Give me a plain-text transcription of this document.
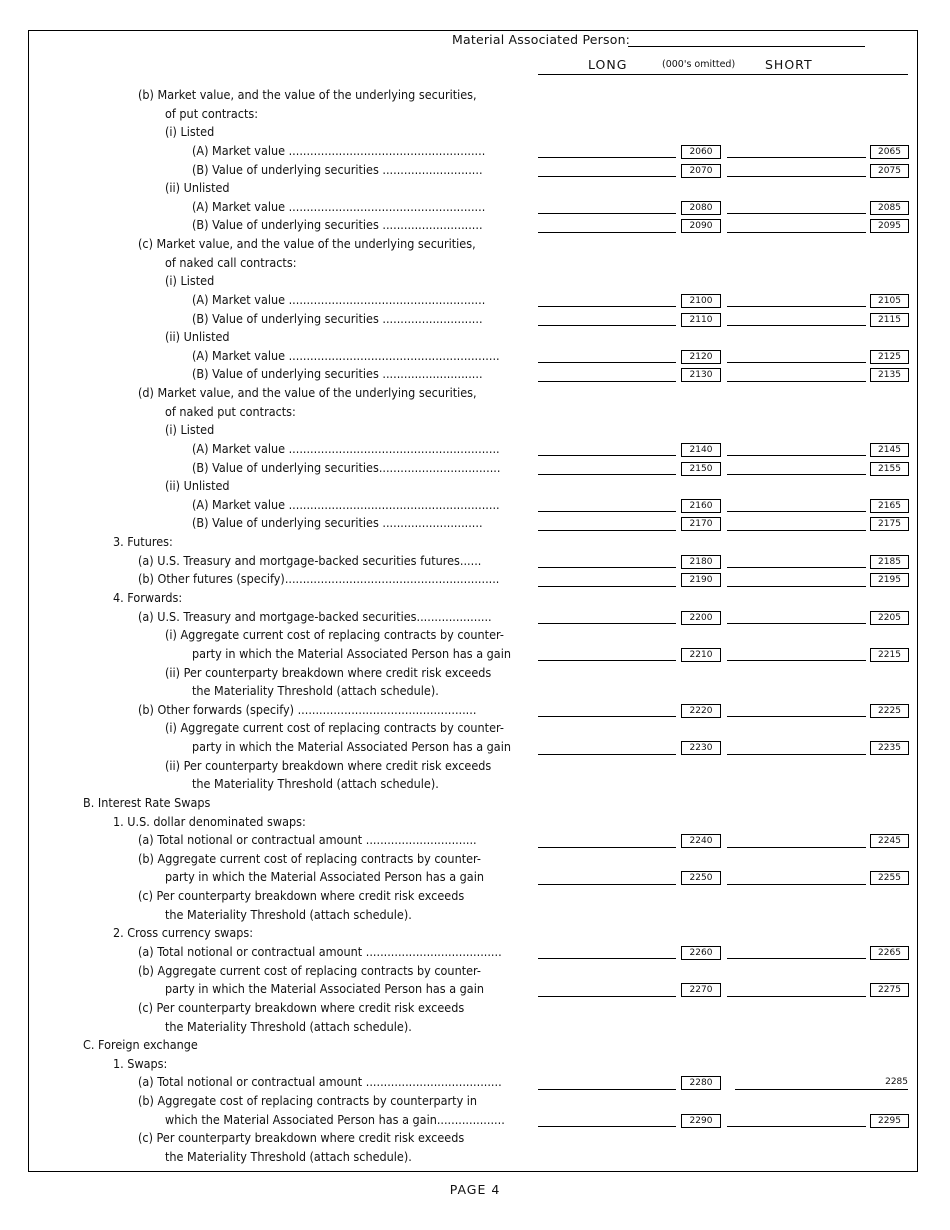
Material Associated Person:
LONG	(000's omitted) SHORT
(b) Market value, and the value of the underlying securities,
of put contracts:
(i) Listed
(A) Market value .......................................................	2060	2065
(B) Value of underlying securities ............................	2070	2075
(ii) Unlisted
(A) Market value .......................................................	2080	2085
(B) Value of underlying securities ............................	2090	2095
(c) Market value, and the value of the underlying securities,
of naked call contracts:
(i) Listed
(A) Market value .......................................................	2100	2105
(B) Value of underlying securities ............................	2110	2115
(ii) Unlisted
(A) Market value ...........................................................	2120	2125
(B) Value of underlying securities ............................	2130	2135
(d) Market value, and the value of the underlying securities,
of naked put contracts:
(i) Listed
(A) Market value ...........................................................	2140	2145
(B) Value of underlying securities..................................	2150	2155
(ii) Unlisted
(A) Market value ...........................................................	2160	2165
(B) Value of underlying securities ............................	2170	2175
3. Futures:
(a) U.S. Treasury and mortgage-backed securities futures......	2180	2185
(b) Other futures (specify)............................................................	2190	2195
4. Forwards:
(a) U.S. Treasury and mortgage-backed securities.....................	2200	2205
(i) Aggregate current cost of replacing contracts by counter-
party in which the Material Associated Person has a gain	2210	2215
(ii) Per counterparty breakdown where credit risk exceeds
the Materiality Threshold (attach schedule).
(b) Other forwards (specify) ..................................................	2220	2225
(i) Aggregate current cost of replacing contracts by counter-
party in which the Material Associated Person has a gain	2230	2235
(ii) Per counterparty breakdown where credit risk exceeds
the Materiality Threshold (attach schedule).
B. Interest Rate Swaps
1. U.S. dollar denominated swaps:
(a) Total notional or contractual amount ...............................	2240	2245
(b) Aggregate current cost of replacing contracts by counter-
party in which the Material Associated Person has a gain	2250	2255
(c) Per counterparty breakdown where credit risk exceeds
the Materiality Threshold (attach schedule).
2. Cross currency swaps:
(a) Total notional or contractual amount ......................................	2260	2265
(b) Aggregate current cost of replacing contracts by counter-
party in which the Material Associated Person has a gain	2270	2275
(c) Per counterparty breakdown where credit risk exceeds
the Materiality Threshold (attach schedule).
C. Foreign exchange
1. Swaps:
(a) Total notional or contractual amount ......................................	2280	2285
(b) Aggregate cost of replacing contracts by counterparty in
which the Material Associated Person has a gain...................	2290	2295
(c) Per counterparty breakdown where credit risk exceeds
the Materiality Threshold (attach schedule).
PAGE 4
